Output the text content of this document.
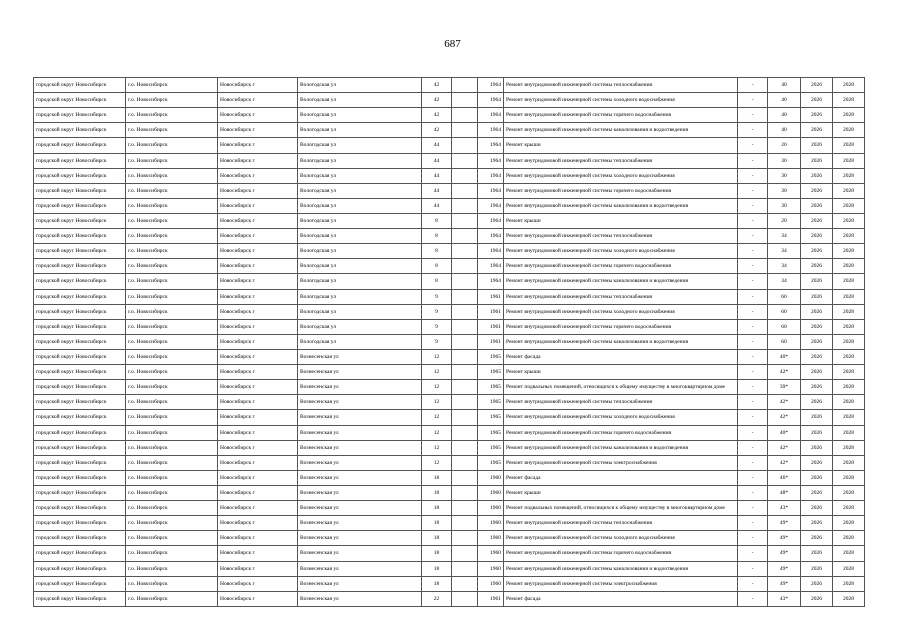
687
городской округ Новосибирск	г.о. Новосибирск	Новосибирск г	Вологодская ул	42		1964	Ремонт внутридомовой инженерной системы теплоснабжения	-	40	2026	2028
городской округ Новосибирск	г.о. Новосибирск	Новосибирск г	Вологодская ул	42		1964	Ремонт внутридомовой инженерной системы холодного водоснабжения	-	40	2026	2028
городской округ Новосибирск	г.о. Новосибирск	Новосибирск г	Вологодская ул	42		1964	Ремонт внутридомовой инженерной системы горячего водоснабжения	-	40	2026	2028
городской округ Новосибирск	г.о. Новосибирск	Новосибирск г	Вологодская ул	42		1964	Ремонт внутридомовой инженерной системы канализования и водоотведения	-	40	2026	2028
городской округ Новосибирск	г.о. Новосибирск	Новосибирск г	Вологодская ул	44		1964	Ремонт крыши	-	20	2026	2028
городской округ Новосибирск	г.о. Новосибирск	Новосибирск г	Вологодская ул	44		1964	Ремонт внутридомовой инженерной системы теплоснабжения	-	30	2026	2028
городской округ Новосибирск	г.о. Новосибирск	Новосибирск г	Вологодская ул	44		1964	Ремонт внутридомовой инженерной системы холодного водоснабжения	-	30	2026	2028
городской округ Новосибирск	г.о. Новосибирск	Новосибирск г	Вологодская ул	44		1964	Ремонт внутридомовой инженерной системы горячего водоснабжения	-	30	2026	2028
городской округ Новосибирск	г.о. Новосибирск	Новосибирск г	Вологодская ул	44		1964	Ремонт внутридомовой инженерной системы канализования и водоотведения	-	30	2026	2028
городской округ Новосибирск	г.о. Новосибирск	Новосибирск г	Вологодская ул	8		1964	Ремонт крыши	-	20	2026	2028
городской округ Новосибирск	г.о. Новосибирск	Новосибирск г	Вологодская ул	8		1964	Ремонт внутридомовой инженерной системы теплоснабжения	-	34	2026	2028
городской округ Новосибирск	г.о. Новосибирск	Новосибирск г	Вологодская ул	8		1964	Ремонт внутридомовой инженерной системы холодного водоснабжения	-	34	2026	2028
городской округ Новосибирск	г.о. Новосибирск	Новосибирск г	Вологодская ул	8		1964	Ремонт внутридомовой инженерной системы горячего водоснабжения	-	34	2026	2028
городской округ Новосибирск	г.о. Новосибирск	Новосибирск г	Вологодская ул	8		1964	Ремонт внутридомовой инженерной системы канализования и водоотведения	-	34	2026	2028
городской округ Новосибирск	г.о. Новосибирск	Новосибирск г	Вологодская ул	9		1961	Ремонт внутридомовой инженерной системы теплоснабжения	-	60	2026	2028
городской округ Новосибирск	г.о. Новосибирск	Новосибирск г	Вологодская ул	9		1961	Ремонт внутридомовой инженерной системы холодного водоснабжения	-	60	2026	2028
городской округ Новосибирск	г.о. Новосибирск	Новосибирск г	Вологодская ул	9		1961	Ремонт внутридомовой инженерной системы горячего водоснабжения	-	60	2026	2028
городской округ Новосибирск	г.о. Новосибирск	Новосибирск г	Вологодская ул	9		1961	Ремонт внутридомовой инженерной системы канализования и водоотведения	-	60	2026	2028
городской округ Новосибирск	г.о. Новосибирск	Новосибирск г	Вознесенская ул	12		1965	Ремонт фасада	-	40*	2026	2028
городской округ Новосибирск	г.о. Новосибирск	Новосибирск г	Вознесенская ул	12		1965	Ремонт крыши	-	42*	2026	2028
городской округ Новосибирск	г.о. Новосибирск	Новосибирск г	Вознесенская ул	12		1965	Ремонт подвальных помещений, относящихся к общему имуществу в многоквартирном доме	-	39*	2026	2028
городской округ Новосибирск	г.о. Новосибирск	Новосибирск г	Вознесенская ул	12		1965	Ремонт внутридомовой инженерной системы теплоснабжения	-	42*	2026	2028
городской округ Новосибирск	г.о. Новосибирск	Новосибирск г	Вознесенская ул	12		1965	Ремонт внутридомовой инженерной системы холодного водоснабжения	-	42*	2026	2028
городской округ Новосибирск	г.о. Новосибирск	Новосибирск г	Вознесенская ул	12		1965	Ремонт внутридомовой инженерной системы горячего водоснабжения	-	40*	2026	2028
городской округ Новосибирск	г.о. Новосибирск	Новосибирск г	Вознесенская ул	12		1965	Ремонт внутридомовой инженерной системы канализования и водоотведения	-	42*	2026	2028
городской округ Новосибирск	г.о. Новосибирск	Новосибирск г	Вознесенская ул	12		1965	Ремонт внутридомовой инженерной системы электроснабжения	-	42*	2026	2028
городской округ Новосибирск	г.о. Новосибирск	Новосибирск г	Вознесенская ул	18		1960	Ремонт фасада	-	46*	2026	2028
городской округ Новосибирск	г.о. Новосибирск	Новосибирск г	Вознесенская ул	18		1960	Ремонт крыши	-	48*	2026	2028
городской округ Новосибирск	г.о. Новосибирск	Новосибирск г	Вознесенская ул	18		1960	Ремонт подвальных помещений, относящихся к общему имуществу в многоквартирном доме	-	43*	2026	2028
городской округ Новосибирск	г.о. Новосибирск	Новосибирск г	Вознесенская ул	18		1960	Ремонт внутридомовой инженерной системы теплоснабжения	-	49*	2026	2028
городской округ Новосибирск	г.о. Новосибирск	Новосибирск г	Вознесенская ул	18		1960	Ремонт внутридомовой инженерной системы холодного водоснабжения	-	49*	2026	2028
городской округ Новосибирск	г.о. Новосибирск	Новосибирск г	Вознесенская ул	18		1960	Ремонт внутридомовой инженерной системы горячего водоснабжения	-	49*	2026	2028
городской округ Новосибирск	г.о. Новосибирск	Новосибирск г	Вознесенская ул	18		1960	Ремонт внутридомовой инженерной системы канализования и водоотведения	-	49*	2026	2028
городской округ Новосибирск	г.о. Новосибирск	Новосибирск г	Вознесенская ул	18		1960	Ремонт внутридомовой инженерной системы электроснабжения	-	49*	2026	2028
городской округ Новосибирск	г.о. Новосибирск	Новосибирск г	Вознесенская ул	22		1961	Ремонт фасада	-	43*	2026	2028
